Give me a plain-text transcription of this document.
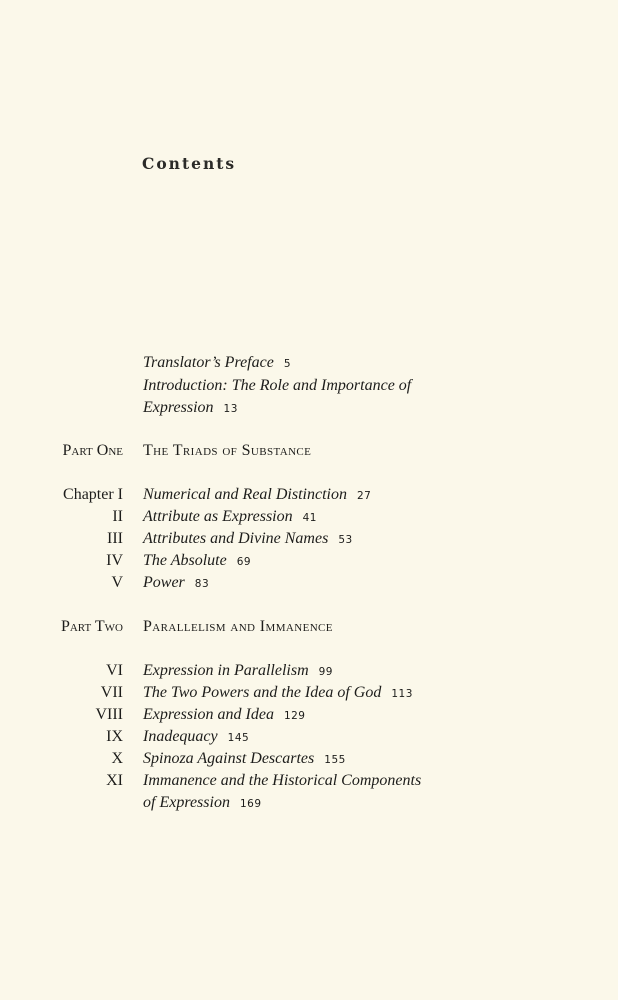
Contents
Translator’s Preface 5
Introduction: The Role and Importance of
Expression 13
Part One The Triads of Substance
Chapter I Numerical and Real Distinction 27
II Attribute as Expression 41
III Attributes and Divine Names 53
IV The Absolute 69
V Power 83
Part Two Parallelism and Immanence
VI Expression in Parallelism 99
VII The Two Powers and the Idea of God 113
VIII Expression and Idea 129
IX Inadequacy 145
X Spinoza Against Descartes 155
XI Immanence and the Historical Components
of Expression 169
